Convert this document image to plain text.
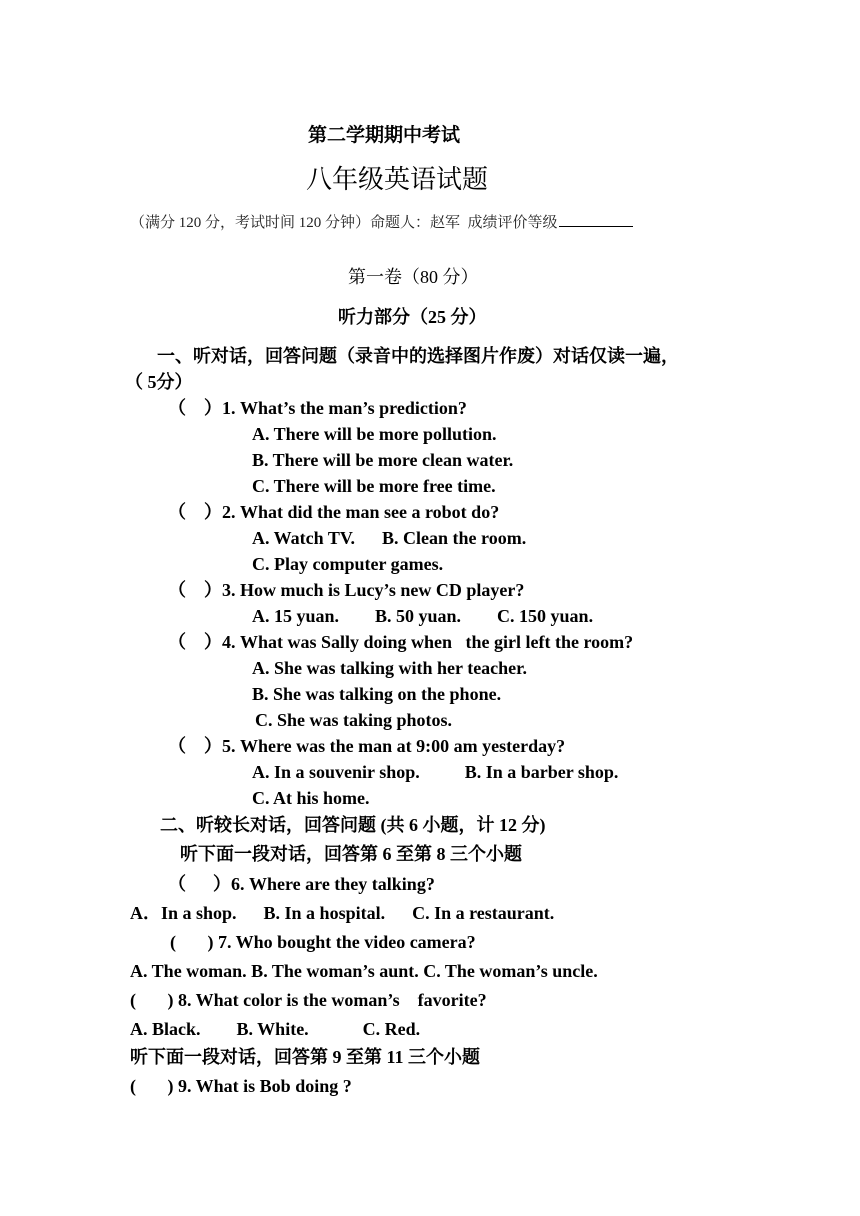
第二学期期中考试
八年级英语试题
（满分 120 分，考试时间 120 分钟）命题人：赵军  成绩评价等级
第一卷（80 分）
听力部分（25 分）
一、听对话，回答问题（录音中的选择图片作废）对话仅读一遍，
（ 5分）
（    ）1. What’s the man’s prediction?
A. There will be more pollution.
B. There will be more clean water.
C. There will be more free time.
（    ）2. What did the man see a robot do?
A. Watch TV.      B. Clean the room.
C. Play computer games.
（    ）3. How much is Lucy’s new CD player?
A. 15 yuan.        B. 50 yuan.        C. 150 yuan.
（    ）4. What was Sally doing when   the girl left the room?
A. She was talking with her teacher.
B. She was talking on the phone.
C. She was taking photos.
（    ）5. Where was the man at 9:00 am yesterday?
A. In a souvenir shop.          B. In a barber shop.
C. At his home.
二、听较长对话，回答问题 (共 6 小题，计 12 分)
听下面一段对话，回答第 6 至第 8 三个小题
（      ）6. Where are they talking?
A．In a shop.      B. In a hospital.      C. In a restaurant.
(       ) 7. Who bought the video camera?
A. The woman. B. The woman’s aunt. C. The woman’s uncle.
(       ) 8. What color is the woman’s    favorite?
A. Black.        B. White.            C. Red.
听下面一段对话，回答第 9 至第 11 三个小题
(       ) 9. What is Bob doing ?
